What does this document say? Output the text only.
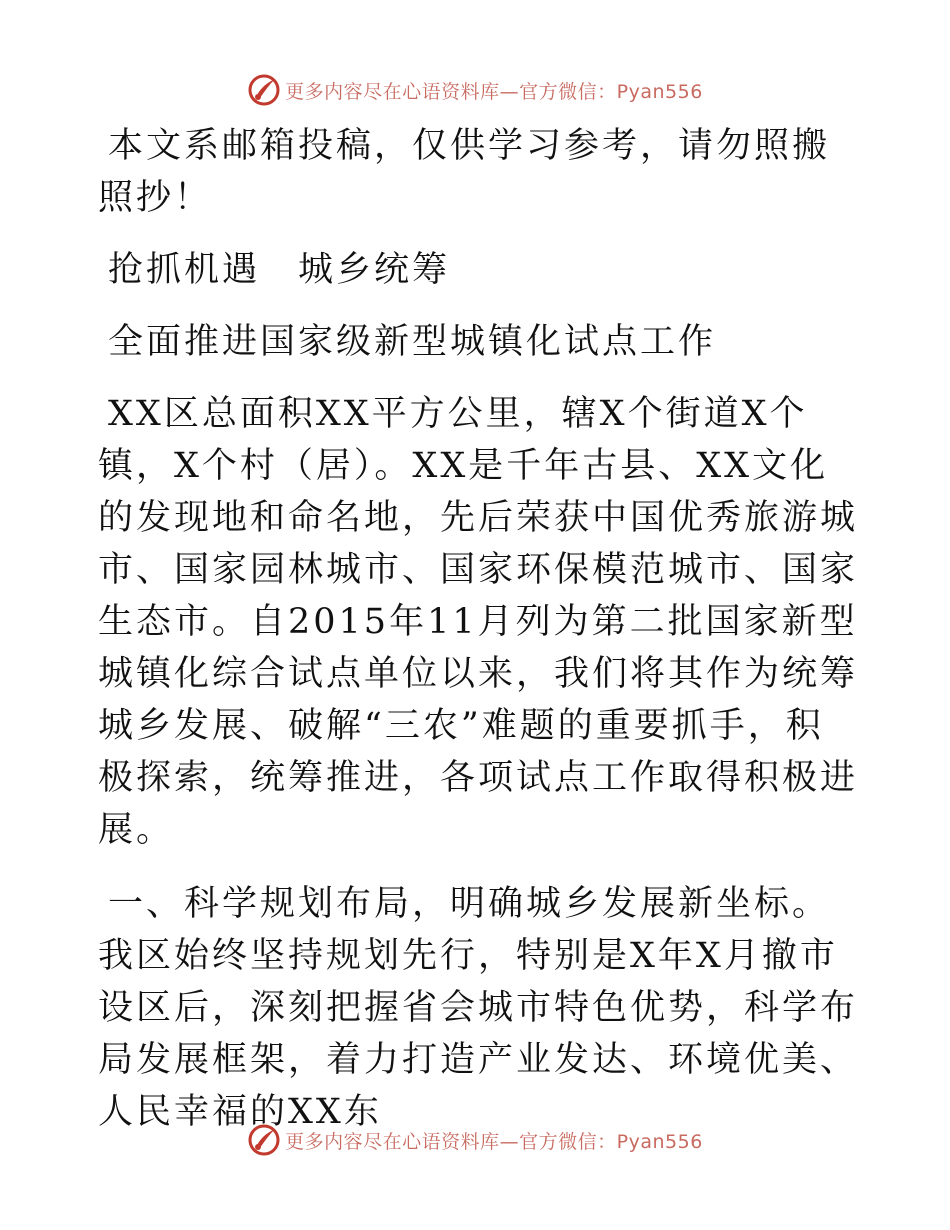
更多内容尽在心语资料库—官方微信：Pyan556

本文系邮箱投稿，仅供学习参考，请勿照搬照抄！

抢抓机遇　城乡统筹

全面推进国家级新型城镇化试点工作

XX区总面积XX平方公里，辖X个街道X个镇，X个村（居）。XX是千年古县、XX文化的发现地和命名地，先后荣获中国优秀旅游城市、国家园林城市、国家环保模范城市、国家生态市。自2015年11月列为第二批国家新型城镇化综合试点单位以来，我们将其作为统筹城乡发展、破解“三农”难题的重要抓手，积极探索，统筹推进，各项试点工作取得积极进展。

一、科学规划布局，明确城乡发展新坐标。我区始终坚持规划先行，特别是X年X月撤市设区后，深刻把握省会城市特色优势，科学布局发展框架，着力打造产业发达、环境优美、人民幸福的XX东

更多内容尽在心语资料库—官方微信：Pyan556
